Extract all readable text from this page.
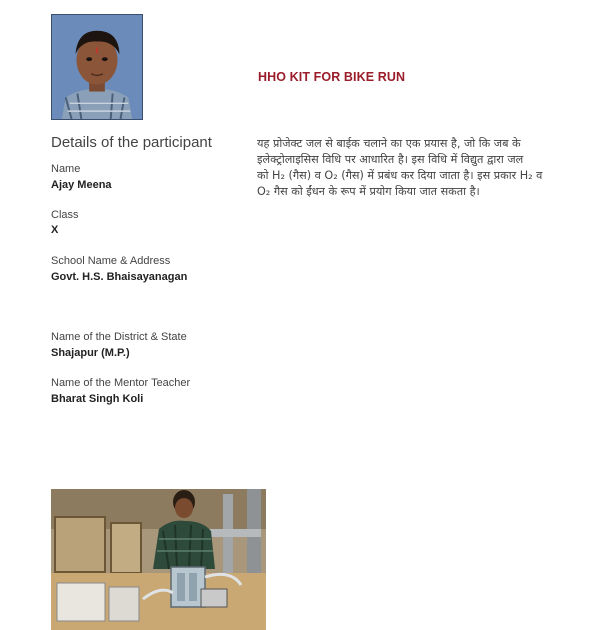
HHO KIT FOR BIKE RUN
Details of the participant
Name
Ajay Meena
Class
X
School Name & Address
Govt. H.S. Bhaisayanagan
Name of the District & State
Shajapur (M.P.)
Name of the Mentor Teacher
Bharat Singh Koli
यह प्रोजेक्ट जल से बाईक चलाने का एक प्रयास है, जो कि जब के
इलेक्ट्रोलाइसिस विधि पर आधारित है। इस विधि में विद्युत द्वारा जल
को H₂ (गैस) व O₂ (गैस) में प्रबंध कर दिया जाता है। इस प्रकार H₂ व
O₂ गैस को ईंधन के रूप में प्रयोग किया जात सकता है।
